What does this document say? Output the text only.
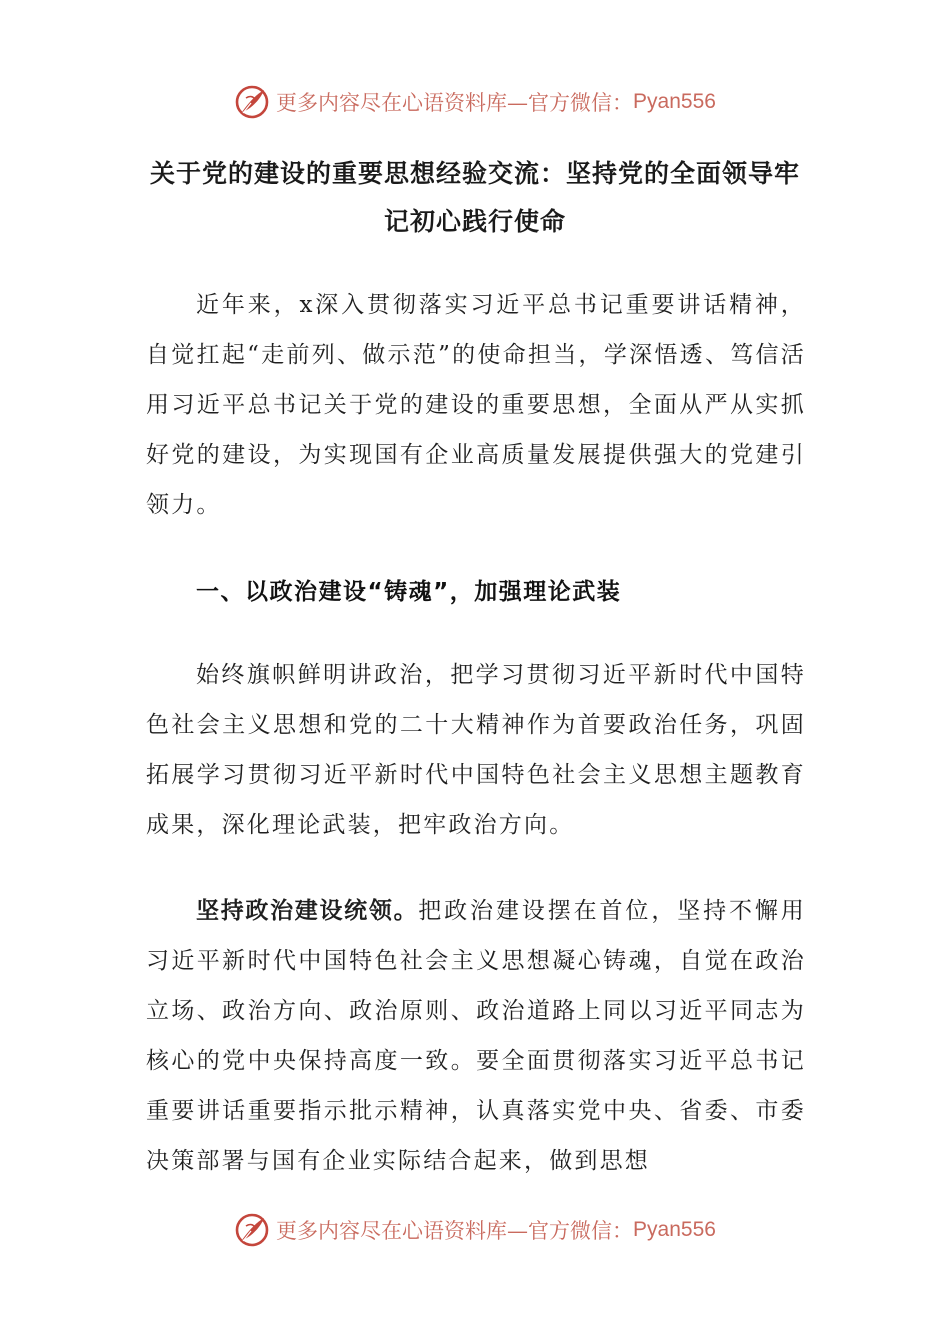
更多内容尽在心语资料库—官方微信： Pyan556
关于党的建设的重要思想经验交流：坚持党的全面领导牢记初心践行使命

近年来，x深入贯彻落实习近平总书记重要讲话精神，自觉扛起“走前列、做示范”的使命担当，学深悟透、笃信活用习近平总书记关于党的建设的重要思想，全面从严从实抓好党的建设，为实现国有企业高质量发展提供强大的党建引领力。

一、以政治建设“铸魂”，加强理论武装

始终旗帜鲜明讲政治，把学习贯彻习近平新时代中国特色社会主义思想和党的二十大精神作为首要政治任务，巩固拓展学习贯彻习近平新时代中国特色社会主义思想主题教育成果，深化理论武装，把牢政治方向。

坚持政治建设统领。把政治建设摆在首位，坚持不懈用习近平新时代中国特色社会主义思想凝心铸魂，自觉在政治立场、政治方向、政治原则、政治道路上同以习近平同志为核心的党中央保持高度一致。要全面贯彻落实习近平总书记重要讲话重要指示批示精神，认真落实党中央、省委、市委决策部署与国有企业实际结合起来，做到思想

更多内容尽在心语资料库—官方微信： Pyan556
